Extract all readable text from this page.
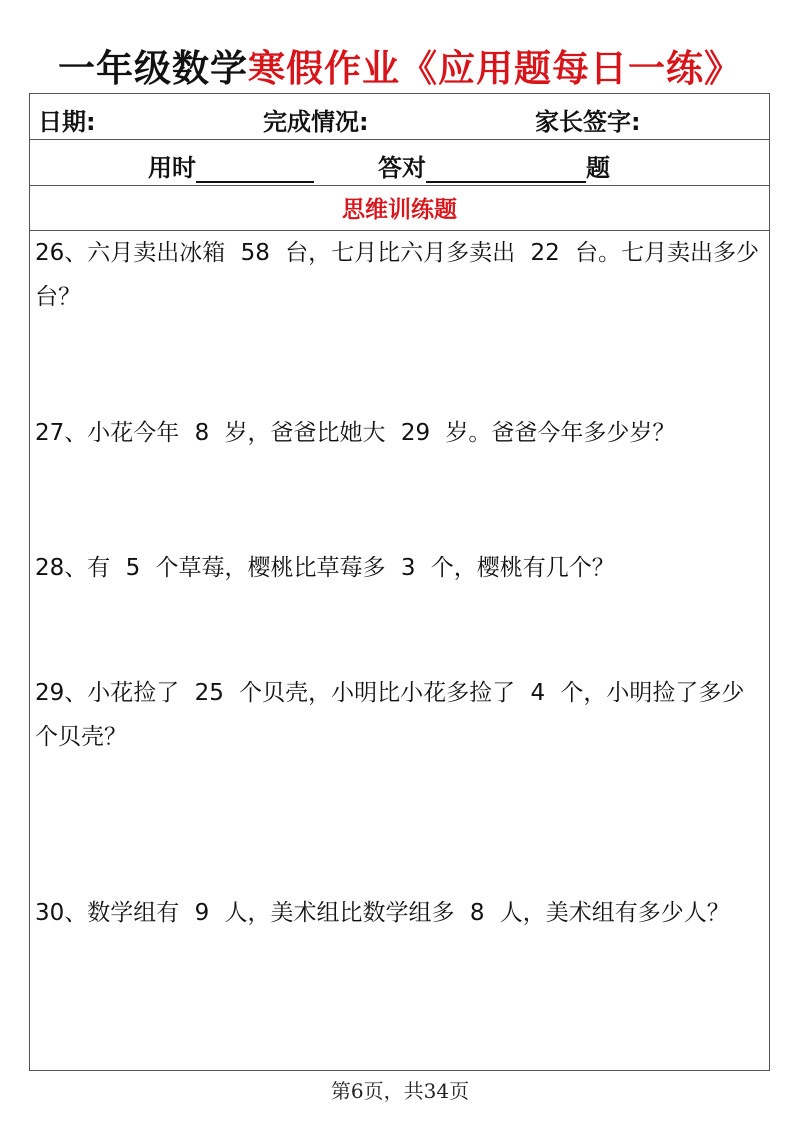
一年级数学寒假作业《应用题每日一练》
日期:	完成情况:	家长签字:
用时	答对	题
思维训练题
26、六月卖出冰箱 58 台，七月比六月多卖出 22 台。七月卖出多少台？
27、小花今年 8 岁，爸爸比她大 29 岁。爸爸今年多少岁？
28、有 5 个草莓，樱桃比草莓多 3 个，樱桃有几个？
29、小花捡了 25 个贝壳，小明比小花多捡了 4 个，小明捡了多少个贝壳？
30、数学组有 9 人，美术组比数学组多 8 人，美术组有多少人？
第6页，共34页
